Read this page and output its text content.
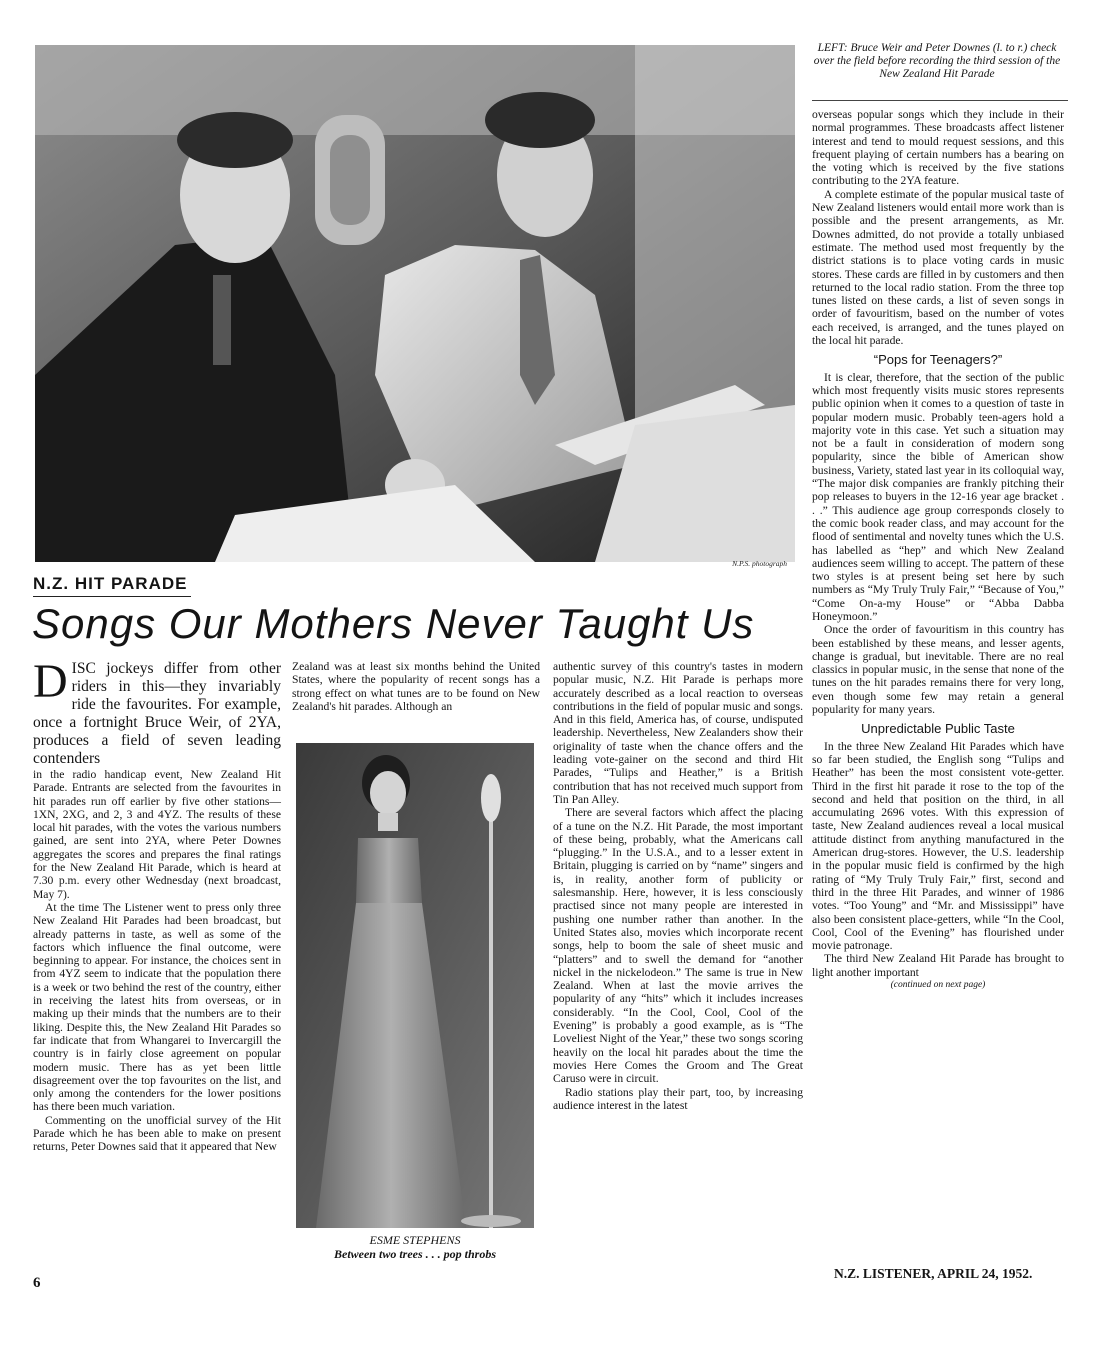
N.P.S. photograph
LEFT: Bruce Weir and Peter Downes (l. to r.) check over the field before recording the third session of the New Zealand Hit Parade
N.Z. HIT PARADE
Songs Our Mothers Never Taught Us
D ISC jockeys differ from other riders in this—they invariably ride the favourites. For example, once a fortnight Bruce Weir, of 2YA, produces a field of seven leading contenders

in the radio handicap event, New Zealand Hit Parade. Entrants are selected from the favourites in hit parades run off earlier by five other stations—1XN, 2XG, and 2, 3 and 4YZ. The results of these local hit parades, with the votes the various numbers gained, are sent into 2YA, where Peter Downes aggregates the scores and prepares the final ratings for the New Zealand Hit Parade, which is heard at 7.30 p.m. every other Wednesday (next broadcast, May 7).

At the time The Listener went to press only three New Zealand Hit Parades had been broadcast, but already patterns in taste, as well as some of the factors which influence the final outcome, were beginning to appear. For instance, the choices sent in from 4YZ seem to indicate that the population there is a week or two behind the rest of the country, either in receiving the latest hits from overseas, or in making up their minds that the numbers are to their liking. Despite this, the New Zealand Hit Parades so far indicate that from Whangarei to Invercargill the country is in fairly close agreement on popular modern music. There has as yet been little disagreement over the top favourites on the list, and only among the contenders for the lower positions has there been much variation.

Commenting on the unofficial survey of the Hit Parade which he has been able to make on present returns, Peter Downes said that it appeared that New

Zealand was at least six months behind the United States, where the popularity of recent songs has a strong effect on what tunes are to be found on New Zealand's hit parades. Although an

ESME STEPHENS
Between two trees . . . pop throbs

authentic survey of this country's tastes in modern popular music, N.Z. Hit Parade is perhaps more accurately described as a local reaction to overseas contributions in the field of popular music and songs. And in this field, America has, of course, undisputed leadership. Nevertheless, New Zealanders show their originality of taste when the chance offers and the leading vote-gainer on the second and third Hit Parades, “Tulips and Heather,” is a British contribution that has not received much support from Tin Pan Alley.

There are several factors which affect the placing of a tune on the N.Z. Hit Parade, the most important of these being, probably, what the Americans call “plugging.” In the U.S.A., and to a lesser extent in Britain, plugging is carried on by “name” singers and is, in reality, another form of publicity or salesmanship. Here, however, it is less consciously practised since not many people are interested in pushing one number rather than another. In the United States also, movies which incorporate recent songs, help to boom the sale of sheet music and “platters” and to swell the demand for “another nickel in the nickelodeon.” The same is true in New Zealand. When at last the movie arrives the popularity of any “hits” which it includes increases considerably. “In the Cool, Cool, Cool of the Evening” is probably a good example, as is “The Loveliest Night of the Year,” these two songs scoring heavily on the local hit parades about the time the movies Here Comes the Groom and The Great Caruso were in circuit.

Radio stations play their part, too, by increasing audience interest in the latest

overseas popular songs which they include in their normal programmes. These broadcasts affect listener interest and tend to mould request sessions, and this frequent playing of certain numbers has a bearing on the voting which is received by the five stations contributing to the 2YA feature.

A complete estimate of the popular musical taste of New Zealand listeners would entail more work than is possible and the present arrangements, as Mr. Downes admitted, do not provide a totally unbiased estimate. The method used most frequently by the district stations is to place voting cards in music stores. These cards are filled in by customers and then returned to the local radio station. From the three top tunes listed on these cards, a list of seven songs in order of favouritism, based on the number of votes each received, is arranged, and the tunes played on the local hit parade.

“Pops for Teenagers?”

It is clear, therefore, that the section of the public which most frequently visits music stores represents public opinion when it comes to a question of taste in popular modern music. Probably teen-agers hold a majority vote in this case. Yet such a situation may not be a fault in consideration of modern song popularity, since the bible of American show business, Variety, stated last year in its colloquial way, “The major disk companies are frankly pitching their pop releases to buyers in the 12-16 year age bracket . . .” This audience age group corresponds closely to the comic book reader class, and may account for the flood of sentimental and novelty tunes which the U.S. has labelled as “hep” and which New Zealand audiences seem willing to accept. The pattern of these two styles is at present being set here by such numbers as “My Truly Truly Fair,” “Because of You,” “Come On-a-my House” or “Abba Dabba Honeymoon.”

Once the order of favouritism in this country has been established by these means, and lesser agents, change is gradual, but inevitable. There are no real classics in popular music, in the sense that none of the tunes on the hit parades remains there for very long, even though some few may retain a general popularity for many years.

Unpredictable Public Taste

In the three New Zealand Hit Parades which have so far been studied, the English song “Tulips and Heather” has been the most consistent vote-getter. Third in the first hit parade it rose to the top of the second and held that position on the third, in all accumulating 2696 votes. With this expression of taste, New Zealand audiences reveal a local musical attitude distinct from anything manufactured in the American drug-stores. However, the U.S. leadership in the popular music field is confirmed by the high rating of “My Truly Truly Fair,” first, second and third in the three Hit Parades, and winner of 1986 votes. “Too Young” and “Mr. and Mississippi” have also been consistent place-getters, while “In the Cool, Cool, Cool of the Evening” has flourished under movie patronage.

The third New Zealand Hit Parade has brought to light another important

(continued on next page)
6
N.Z. LISTENER, APRIL 24, 1952.
